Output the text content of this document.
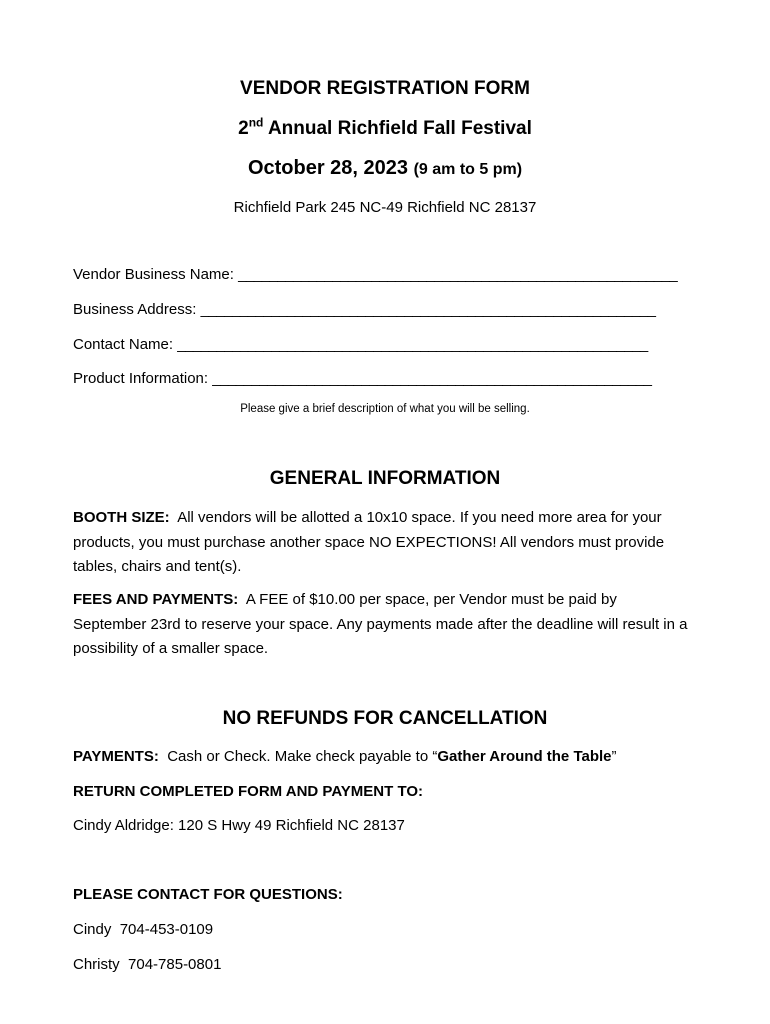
VENDOR REGISTRATION FORM
2nd Annual Richfield Fall Festival
October 28, 2023 (9 am to 5 pm)
Richfield Park 245 NC-49 Richfield NC 28137
Vendor Business Name: ________________________________________________________
Business Address: __________________________________________________________
Contact Name: ____________________________________________________________
Product Information: ________________________________________________________
Please give a brief description of what you will be selling.
GENERAL INFORMATION
BOOTH SIZE: All vendors will be allotted a 10x10 space. If you need more area for your products, you must purchase another space NO EXPECTIONS! All vendors must provide tables, chairs and tent(s).
FEES AND PAYMENTS: A FEE of $10.00 per space, per Vendor must be paid by September 23rd to reserve your space. Any payments made after the deadline will result in a possibility of a smaller space.
NO REFUNDS FOR CANCELLATION
PAYMENTS: Cash or Check. Make check payable to “Gather Around the Table”
RETURN COMPLETED FORM AND PAYMENT TO:
Cindy Aldridge: 120 S Hwy 49 Richfield NC 28137
PLEASE CONTACT FOR QUESTIONS:
Cindy 704-453-0109
Christy 704-785-0801
